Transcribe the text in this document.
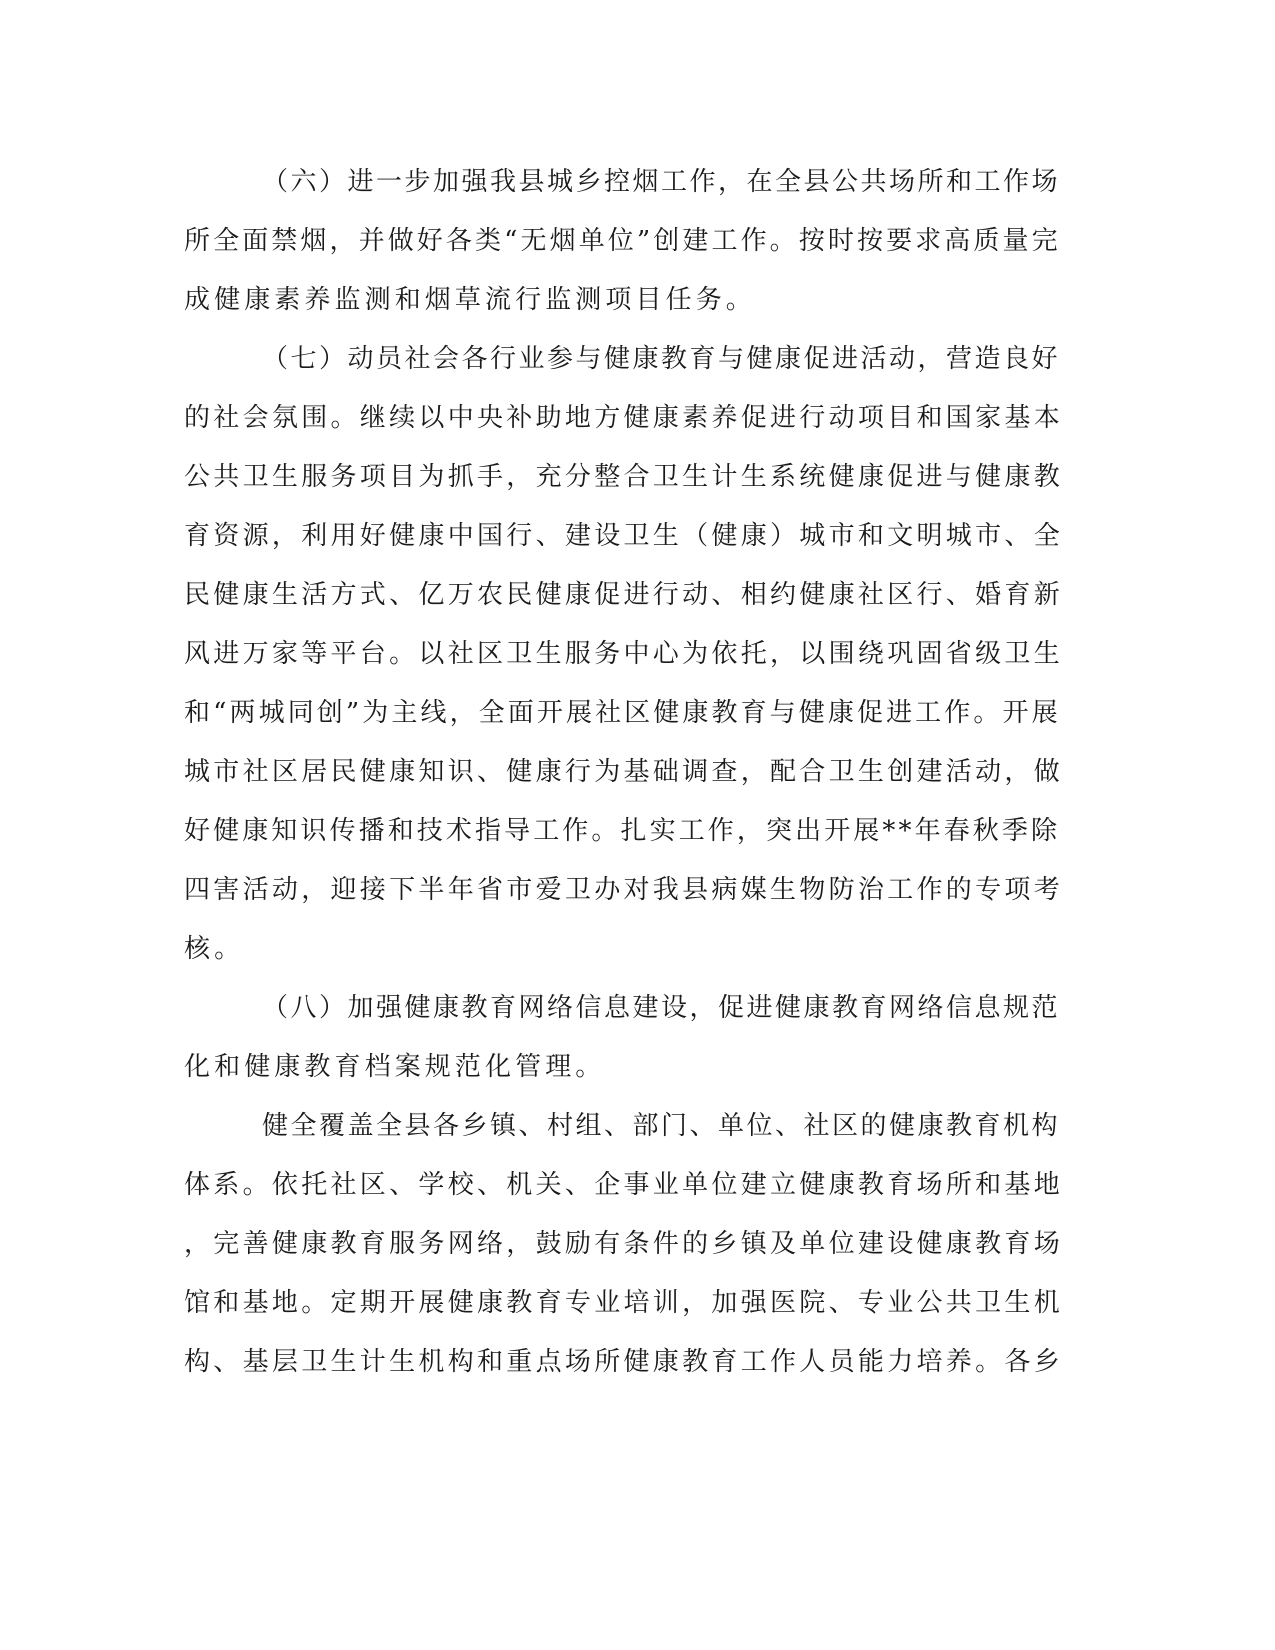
（六）进一步加强我县城乡控烟工作，在全县公共场所和工作场
所全面禁烟，并做好各类“无烟单位”创建工作。按时按要求高质量完
成健康素养监测和烟草流行监测项目任务。
（七）动员社会各行业参与健康教育与健康促进活动，营造良好
的社会氛围。继续以中央补助地方健康素养促进行动项目和国家基本
公共卫生服务项目为抓手，充分整合卫生计生系统健康促进与健康教
育资源，利用好健康中国行、建设卫生（健康）城市和文明城市、全
民健康生活方式、亿万农民健康促进行动、相约健康社区行、婚育新
风进万家等平台。以社区卫生服务中心为依托，以围绕巩固省级卫生
和“两城同创”为主线，全面开展社区健康教育与健康促进工作。开展
城市社区居民健康知识、健康行为基础调查，配合卫生创建活动，做
好健康知识传播和技术指导工作。扎实工作，突出开展**年春秋季除
四害活动，迎接下半年省市爱卫办对我县病媒生物防治工作的专项考
核。
（八）加强健康教育网络信息建设，促进健康教育网络信息规范
化和健康教育档案规范化管理。
健全覆盖全县各乡镇、村组、部门、单位、社区的健康教育机构
体系。依托社区、学校、机关、企事业单位建立健康教育场所和基地
，完善健康教育服务网络，鼓励有条件的乡镇及单位建设健康教育场
馆和基地。定期开展健康教育专业培训，加强医院、专业公共卫生机
构、基层卫生计生机构和重点场所健康教育工作人员能力培养。各乡
